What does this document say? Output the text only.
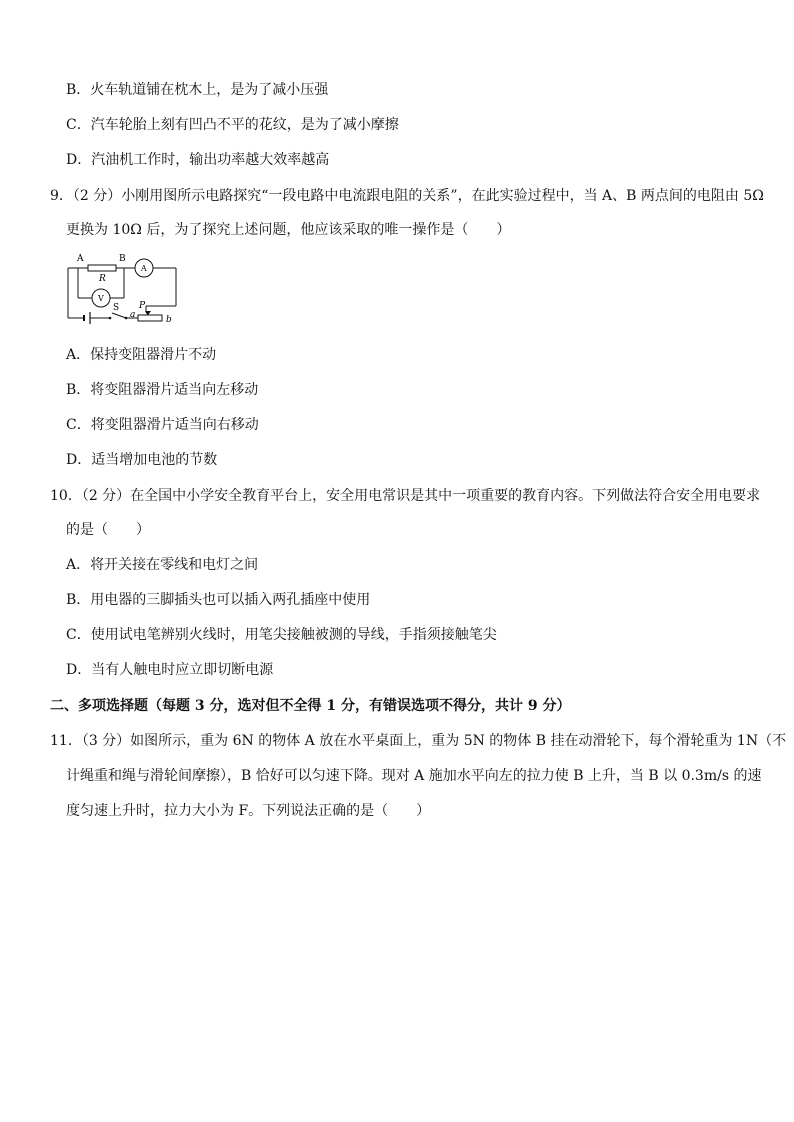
B．火车轨道铺在枕木上，是为了减小压强
C．汽车轮胎上刻有凹凸不平的花纹，是为了减小摩擦
D．汽油机工作时，输出功率越大效率越高
9．（2 分）小刚用图所示电路探究“一段电路中电流跟电阻的关系”，在此实验过程中，当 A、B 两点间的电阻由 5Ω
更换为 10Ω 后，为了探究上述问题，他应该采取的唯一操作是（　　）
A	B
R
A
V
S P
a	b
A．保持变阻器滑片不动
B．将变阻器滑片适当向左移动
C．将变阻器滑片适当向右移动
D．适当增加电池的节数
10．（2 分）在全国中小学安全教育平台上，安全用电常识是其中一项重要的教育内容。下列做法符合安全用电要求
的是（　　）
A．将开关接在零线和电灯之间
B．用电器的三脚插头也可以插入两孔插座中使用
C．使用试电笔辨别火线时，用笔尖接触被测的导线，手指须接触笔尖
D．当有人触电时应立即切断电源
二、多项选择题（每题 3 分，选对但不全得 1 分，有错误选项不得分，共计 9 分）
11．（3 分）如图所示，重为 6N 的物体 A 放在水平桌面上，重为 5N 的物体 B 挂在动滑轮下，每个滑轮重为 1N（不
计绳重和绳与滑轮间摩擦），B 恰好可以匀速下降。现对 A 施加水平向左的拉力使 B 上升，当 B 以 0.3m/s 的速
度匀速上升时，拉力大小为 F。下列说法正确的是（　　）
